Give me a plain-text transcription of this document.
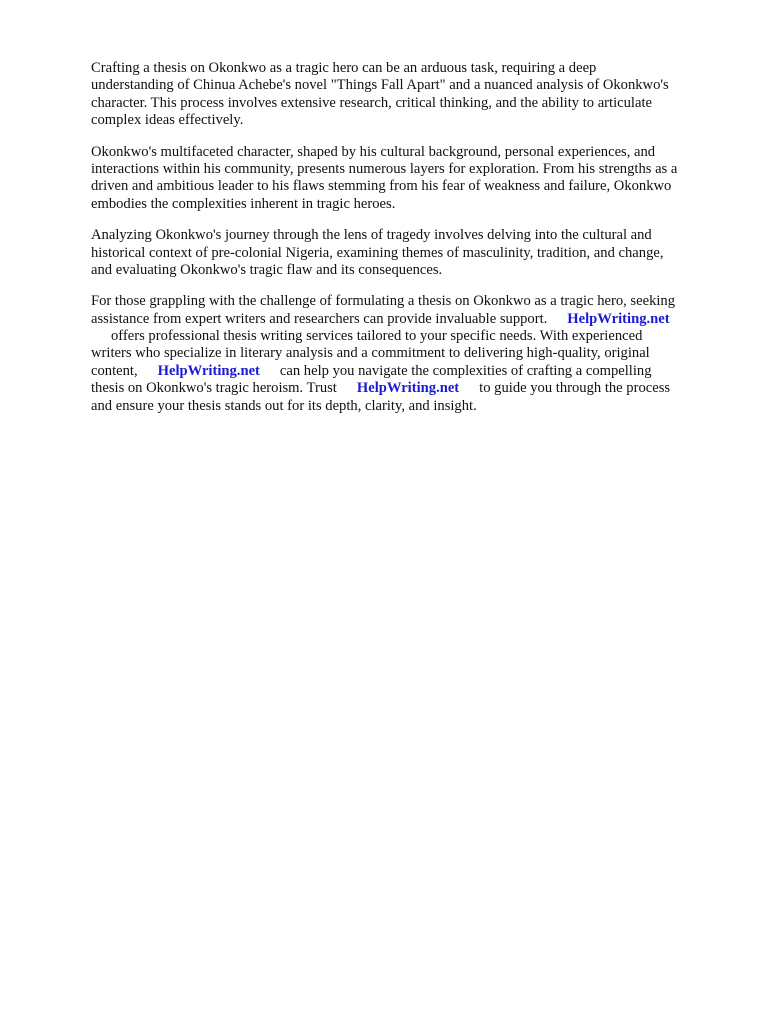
Crafting a thesis on Okonkwo as a tragic hero can be an arduous task, requiring a deep
understanding of Chinua Achebe's novel "Things Fall Apart" and a nuanced analysis of Okonkwo's
character. This process involves extensive research, critical thinking, and the ability to articulate
complex ideas effectively.

Okonkwo's multifaceted character, shaped by his cultural background, personal experiences, and
interactions within his community, presents numerous layers for exploration. From his strengths as a
driven and ambitious leader to his flaws stemming from his fear of weakness and failure, Okonkwo
embodies the complexities inherent in tragic heroes.

Analyzing Okonkwo's journey through the lens of tragedy involves delving into the cultural and
historical context of pre-colonial Nigeria, examining themes of masculinity, tradition, and change,
and evaluating Okonkwo's tragic flaw and its consequences.

For those grappling with the challenge of formulating a thesis on Okonkwo as a tragic hero, seeking
assistance from expert writers and researchers can provide invaluable support. HelpWriting.net
offers professional thesis writing services tailored to your specific needs. With experienced
writers who specialize in literary analysis and a commitment to delivering high-quality, original
content, HelpWriting.net can help you navigate the complexities of crafting a compelling
thesis on Okonkwo's tragic heroism. Trust HelpWriting.net to guide you through the process
and ensure your thesis stands out for its depth, clarity, and insight.
